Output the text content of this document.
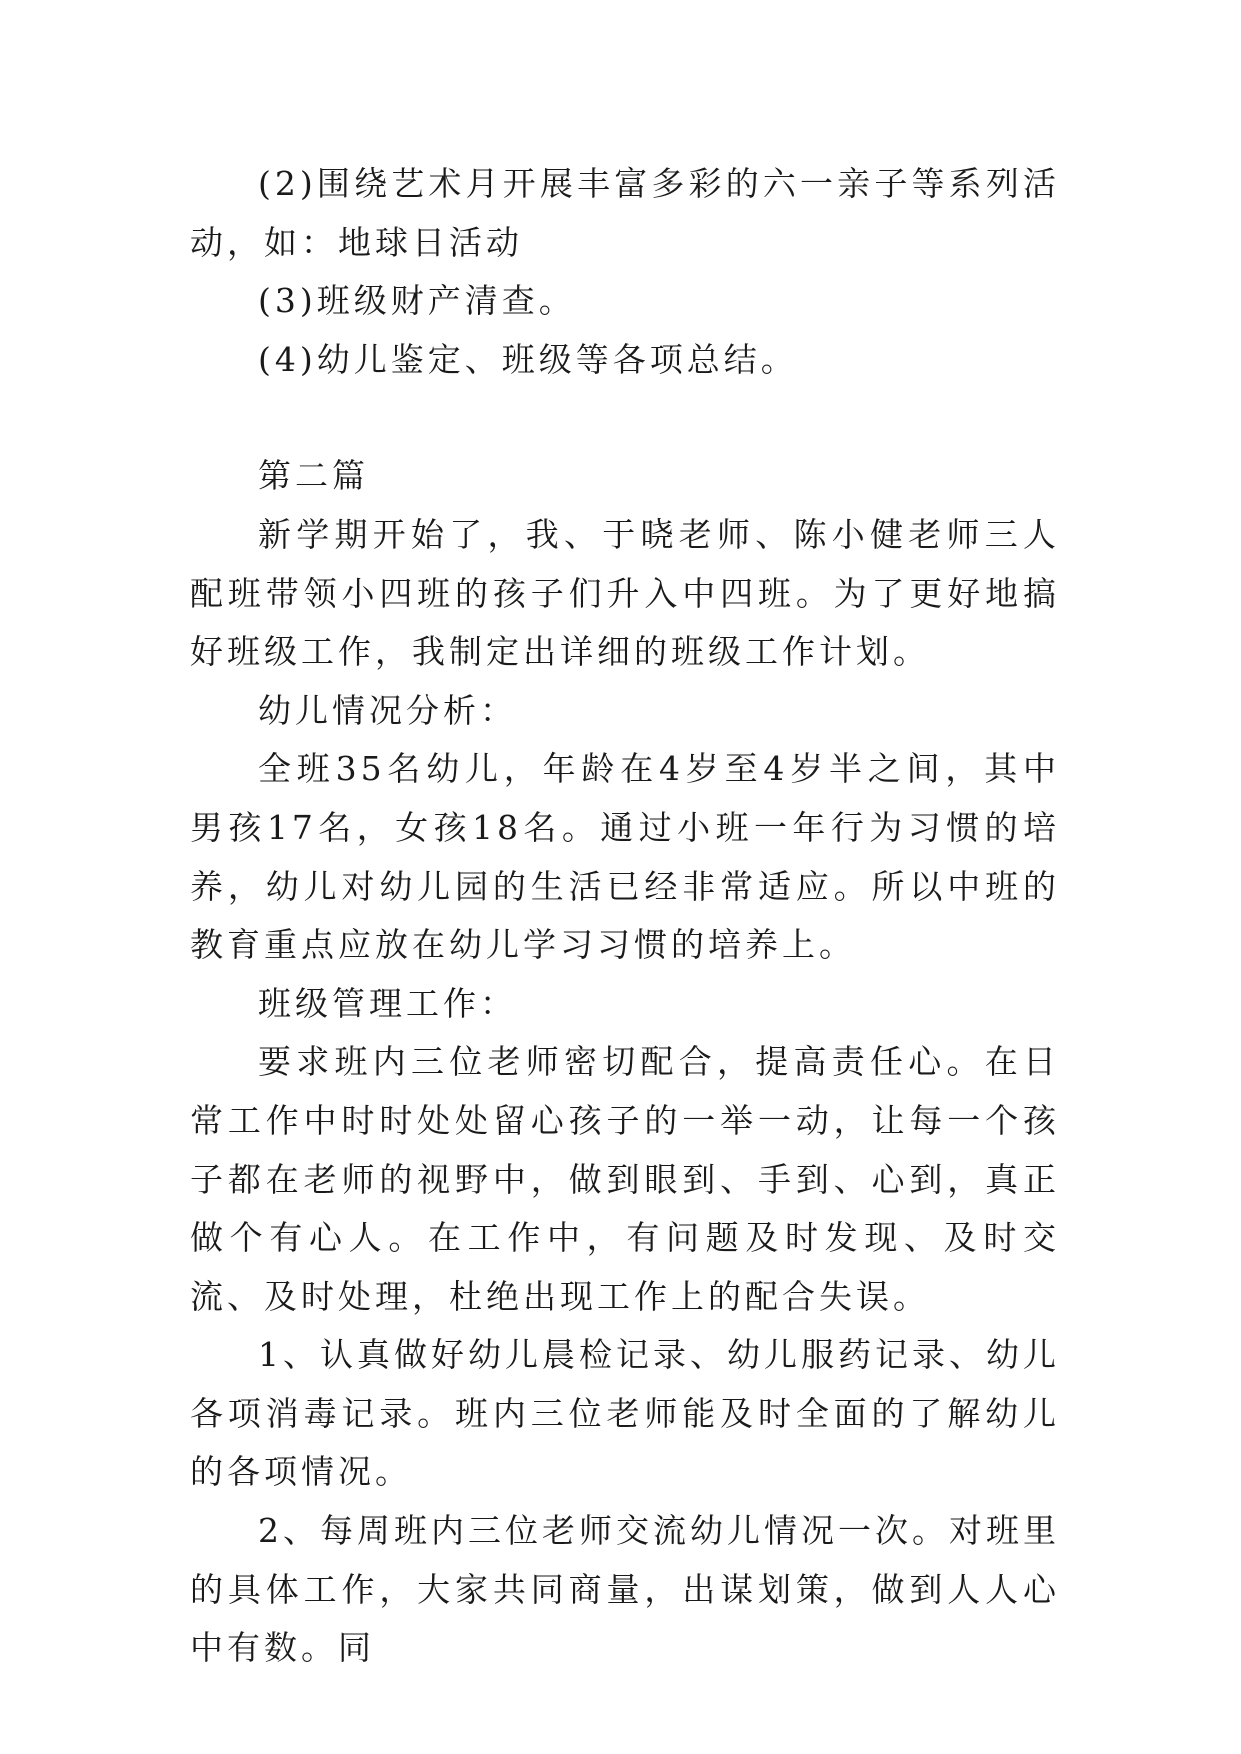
(2)围绕艺术月开展丰富多彩的六一亲子等系列活动，如：地球日活动

(3)班级财产清查。

(4)幼儿鉴定、班级等各项总结。

第二篇

新学期开始了，我、于晓老师、陈小健老师三人配班带领小四班的孩子们升入中四班。为了更好地搞好班级工作，我制定出详细的班级工作计划。

幼儿情况分析：

全班35名幼儿，年龄在4岁至4岁半之间，其中男孩17名，女孩18名。通过小班一年行为习惯的培养，幼儿对幼儿园的生活已经非常适应。所以中班的教育重点应放在幼儿学习习惯的培养上。

班级管理工作：

要求班内三位老师密切配合，提高责任心。在日常工作中时时处处留心孩子的一举一动，让每一个孩子都在老师的视野中，做到眼到、手到、心到，真正做个有心人。在工作中，有问题及时发现、及时交流、及时处理，杜绝出现工作上的配合失误。

1、认真做好幼儿晨检记录、幼儿服药记录、幼儿各项消毒记录。班内三位老师能及时全面的了解幼儿的各项情况。

2、每周班内三位老师交流幼儿情况一次。对班里的具体工作，大家共同商量，出谋划策，做到人人心中有数。同
